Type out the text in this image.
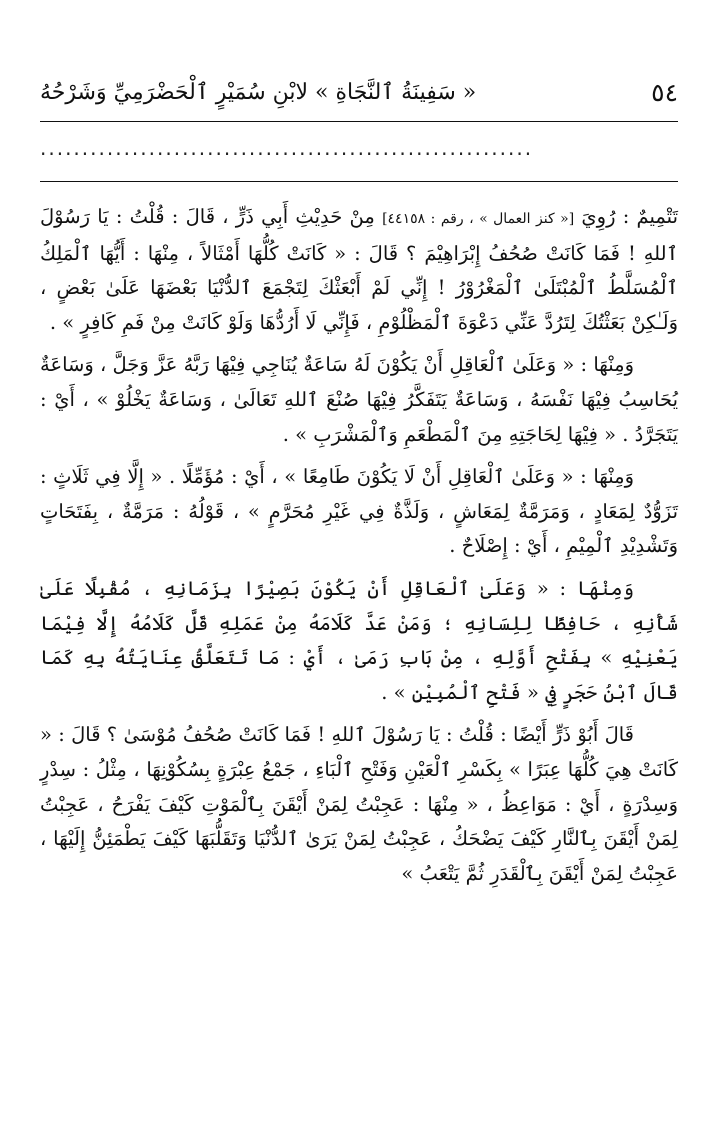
٥٤
« سَفِينَةُ ٱلنَّجَاةِ » لابْنِ سُمَيْرٍ ٱلْحَضْرَمِيِّ وَشَرْحُهُ
...........................................................

تَتْمِيمٌ : رُوِيَ [« كنز العمال » ، رقم : ٤٤١٥٨] مِنْ حَدِيْثِ أَبِي ذَرٍّ ، قَالَ : قُلْتُ : يَا رَسُوْلَ ٱللهِ ! فَمَا كَانَتْ صُحُفُ إِبْرَاهِيْمَ ؟ قَالَ : « كَانَتْ كُلُّهَا أَمْثَالاً ، مِنْهَا : أَيُّهَا ٱلْمَلِكُ ٱلْمُسَلَّطُ ٱلْمُبْتَلَىٰ ٱلْمَغْرُوْرُ ! إِنِّي لَمْ أَبْعَثْكَ لِتَجْمَعَ ٱلدُّنْيَا بَعْضَهَا عَلَىٰ بَعْضٍ ، وَلَـٰكِنْ بَعَثْتُكَ لِتَرُدَّ عَنِّي دَعْوَةَ ٱلْمَظْلُوْمِ ، فَإِنِّي لَا أَرُدُّهَا وَلَوْ كَانَتْ مِنْ فَمِ كَافِرٍ » .

وَمِنْهَا : « وَعَلَىٰ ٱلْعَاقِلِ أَنْ يَكُوْنَ لَهُ سَاعَةٌ يُنَاجِي فِيْهَا رَبَّهُ عَزَّ وَجَلَّ ، وَسَاعَةٌ يُحَاسِبُ فِيْهَا نَفْسَهُ ، وَسَاعَةٌ يَتَفَكَّرُ فِيْهَا صُنْعَ ٱللهِ تَعَالَىٰ ، وَسَاعَةٌ يَخْلُوْ » ، أَيْ : يَتَجَرَّدُ . « فِيْهَا لِحَاجَتِهِ مِنَ ٱلْمَطْعَمِ وَٱلْمَشْرَبِ » .

وَمِنْهَا : « وَعَلَىٰ ٱلْعَاقِلِ أَنْ لَا يَكُوْنَ طَامِعًا » ، أَيْ : مُؤَمِّلًا . « إِلَّا فِي ثَلَاثٍ : تَزَوُّدٌ لِمَعَادٍ ، وَمَرَمَّةٌ لِمَعَاشٍ ، وَلَذَّةٌ فِي غَيْرِ مُحَرَّمٍ » ، قَوْلُهُ : مَرَمَّةٌ ، بِفَتَحَاتٍ وَتَشْدِيْدِ ٱلْمِيْمِ ، أَيْ : إِصْلَاحٌ .

وَمِنْهَا : « وَعَلَىٰ ٱلْعَاقِلِ أَنْ يَكُوْنَ بَصِيْرًا بِزَمَانِهِ ، مُقْبِلًا عَلَىٰ شَأْنِهِ ، حَافِظًا لِلِسَانِهِ ؛ وَمَنْ عَدَّ كَلَامَهُ مِنْ عَمَلِهِ قَلَّ كَلَامُهُ إِلَّا فِيْمَا يَعْنِيْهِ » بِفَتْحِ أَوَّلِهِ ، مِنْ بَابِ رَمَىٰ ، أَيْ : مَا تَتَعَلَّقُ عِنَايَتُهُ بِهِ كَمَا قَالَ ٱبْنُ حَجَرٍ فِي « فَتْحِ ٱلْمُبِيْنِ » .

قَالَ أَبُوْ ذَرٍّ أَيْضًا : قُلْتُ : يَا رَسُوْلَ ٱللهِ ! فَمَا كَانَتْ صُحُفُ مُوْسَىٰ ؟ قَالَ : « كَانَتْ هِيَ كُلُّهَا عِبَرًا » بِكَسْرِ ٱلْعَيْنِ وَفَتْحِ ٱلْبَاءِ ، جَمْعُ عِبْرَةٍ بِسُكُوْنِهَا ، مِثْلُ : سِدْرٍ وَسِدْرَةٍ ، أَيْ : مَوَاعِظُ ، « مِنْهَا : عَجِبْتُ لِمَنْ أَيْقَنَ بِٱلْمَوْتِ كَيْفَ يَفْرَحُ ، عَجِبْتُ لِمَنْ أَيْقَنَ بِٱلنَّارِ كَيْفَ يَضْحَكُ ، عَجِبْتُ لِمَنْ يَرَىٰ ٱلدُّنْيَا وَتَقَلُّبَهَا كَيْفَ يَطْمَئِنُّ إِلَيْهَا ، عَجِبْتُ لِمَنْ أَيْقَنَ بِٱلْقَدَرِ ثُمَّ يَتْعَبُ »
